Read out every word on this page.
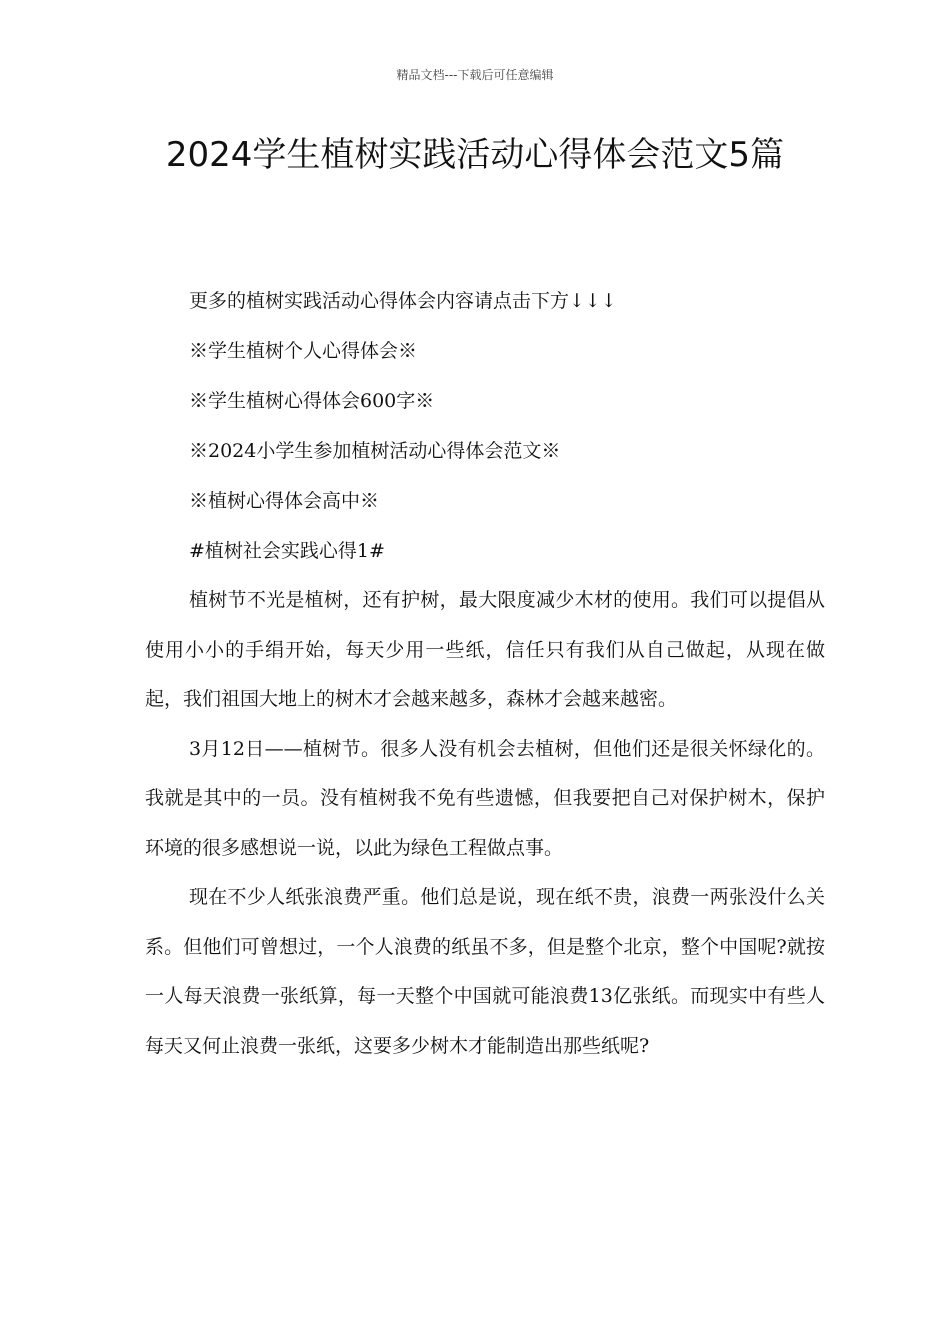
精品文档---下载后可任意编辑
2024学生植树实践活动心得体会范文5篇

更多的植树实践活动心得体会内容请点击下方↓↓↓

※学生植树个人心得体会※

※学生植树心得体会600字※

※2024小学生参加植树活动心得体会范文※

※植树心得体会高中※

#植树社会实践心得1#

植树节不光是植树，还有护树，最大限度减少木材的使用。我们可以提倡从使用小小的手绢开始，每天少用一些纸，信任只有我们从自己做起，从现在做起，我们祖国大地上的树木才会越来越多，森林才会越来越密。

3月12日——植树节。很多人没有机会去植树，但他们还是很关怀绿化的。我就是其中的一员。没有植树我不免有些遗憾，但我要把自己对保护树木，保护环境的很多感想说一说，以此为绿色工程做点事。

现在不少人纸张浪费严重。他们总是说，现在纸不贵，浪费一两张没什么关系。但他们可曾想过，一个人浪费的纸虽不多，但是整个北京，整个中国呢?就按一人每天浪费一张纸算，每一天整个中国就可能浪费13亿张纸。而现实中有些人每天又何止浪费一张纸，这要多少树木才能制造出那些纸呢?
